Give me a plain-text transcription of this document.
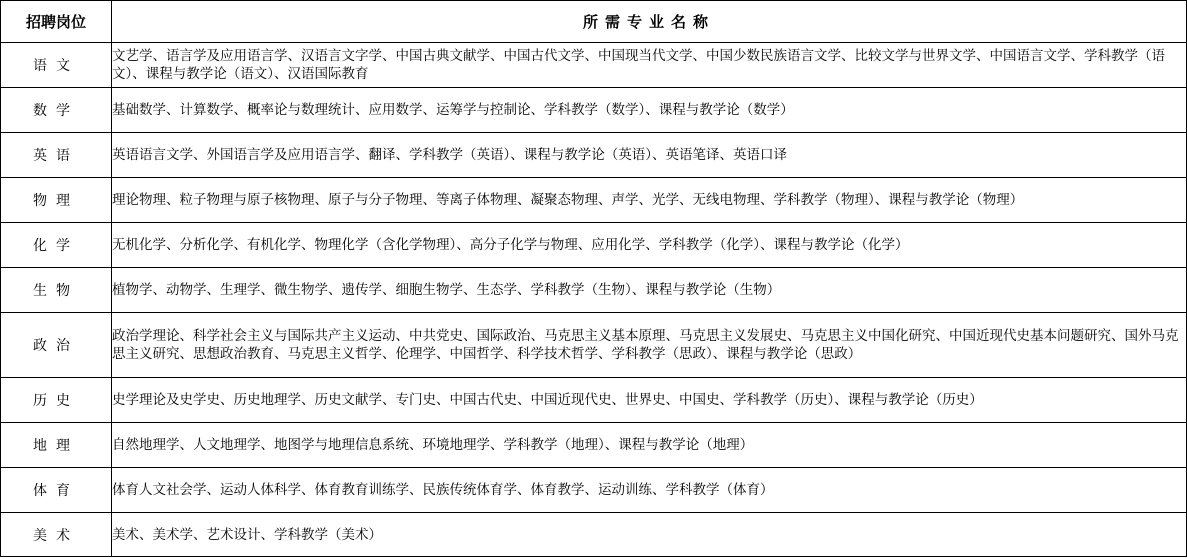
招聘岗位	所需专业名称
语文	文艺学、语言学及应用语言学、汉语言文字学、中国古典文献学、中国古代文学、中国现当代文学、中国少数民族语言文学、比较文学与世界文学、中国语言文学、学科教学（语文）、课程与教学论（语文）、汉语国际教育
数学	基础数学、计算数学、概率论与数理统计、应用数学、运筹学与控制论、学科教学（数学）、课程与教学论（数学）
英语	英语语言文学、外国语言学及应用语言学、翻译、学科教学（英语）、课程与教学论（英语）、英语笔译、英语口译
物理	理论物理、粒子物理与原子核物理、原子与分子物理、等离子体物理、凝聚态物理、声学、光学、无线电物理、学科教学（物理）、课程与教学论（物理）
化学	无机化学、分析化学、有机化学、物理化学（含化学物理）、高分子化学与物理、应用化学、学科教学（化学）、课程与教学论（化学）
生物	植物学、动物学、生理学、微生物学、遗传学、细胞生物学、生态学、学科教学（生物）、课程与教学论（生物）
政治	政治学理论、科学社会主义与国际共产主义运动、中共党史、国际政治、马克思主义基本原理、马克思主义发展史、马克思主义中国化研究、中国近现代史基本问题研究、国外马克思主义研究、思想政治教育、马克思主义哲学、伦理学、中国哲学、科学技术哲学、学科教学（思政）、课程与教学论（思政）
历史	史学理论及史学史、历史地理学、历史文献学、专门史、中国古代史、中国近现代史、世界史、中国史、学科教学（历史）、课程与教学论（历史）
地理	自然地理学、人文地理学、地图学与地理信息系统、环境地理学、学科教学（地理）、课程与教学论（地理）
体育	体育人文社会学、运动人体科学、体育教育训练学、民族传统体育学、体育教学、运动训练、学科教学（体育）
美术	美术、美术学、艺术设计、学科教学（美术）
